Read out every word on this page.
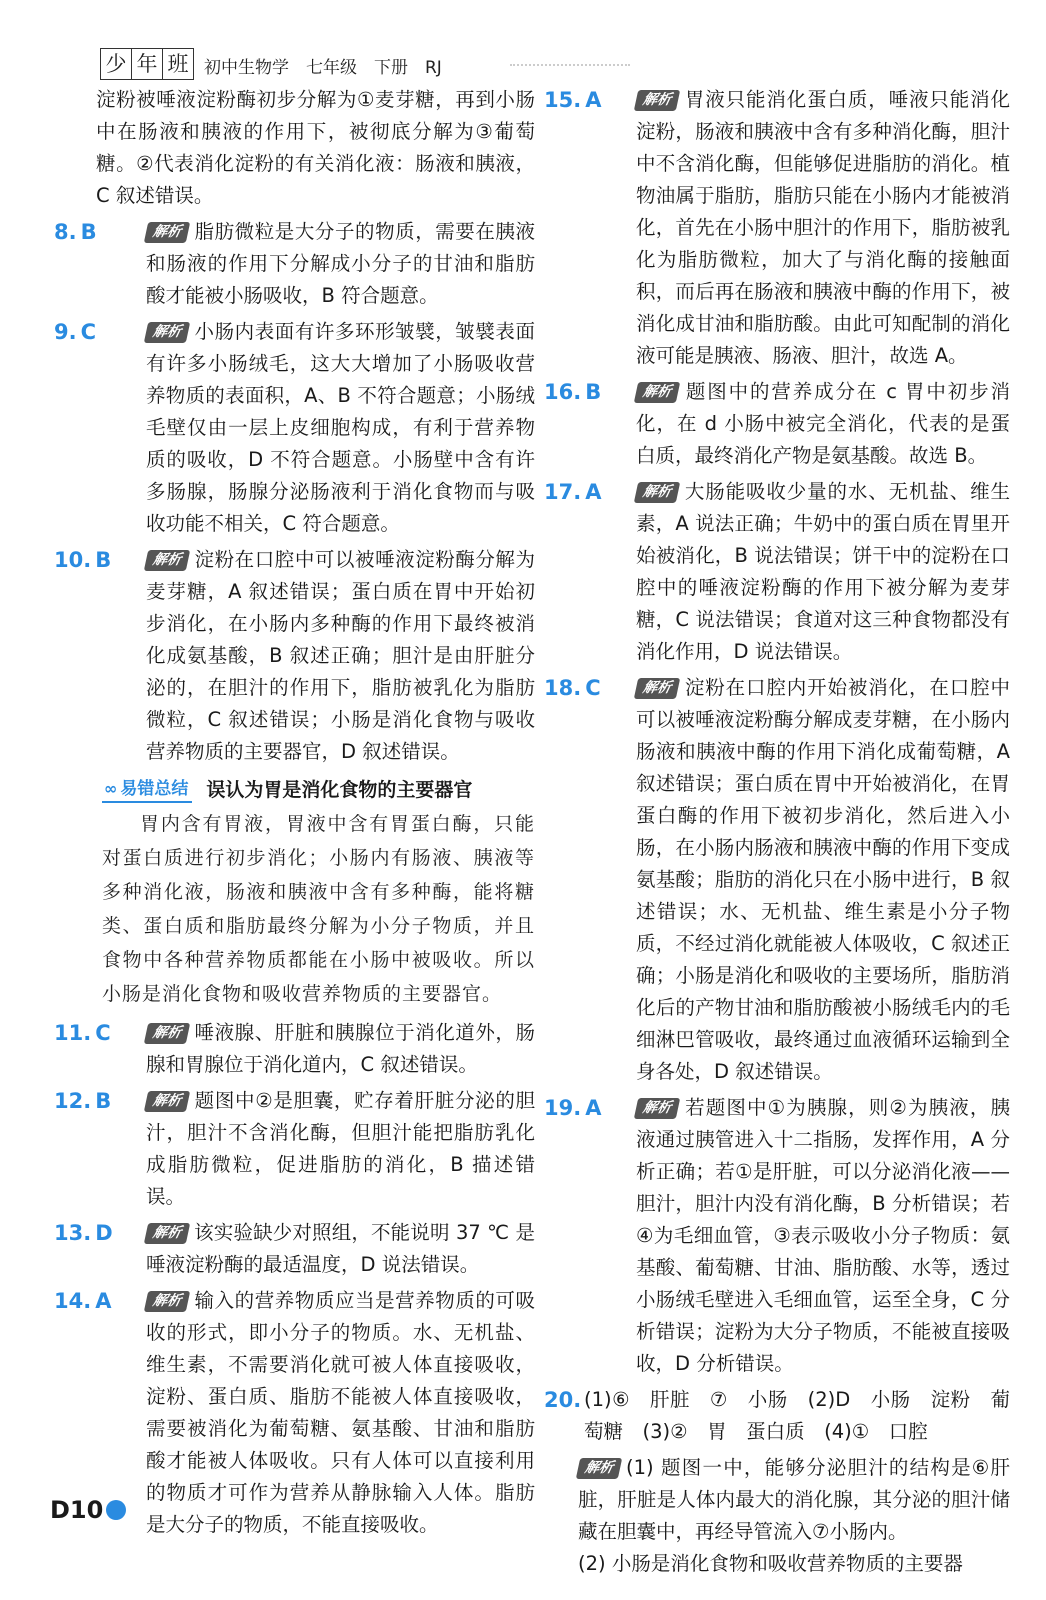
少 年 班 初中生物学　七年级　下册　RJ
淀粉被唾液淀粉酶初步分解为①麦芽糖，再到小肠中在肠液和胰液的作用下，被彻底分解为③葡萄糖。②代表消化淀粉的有关消化液：肠液和胰液，C 叙述错误。
8. B	解析 脂肪微粒是大分子的物质，需要在胰液和肠液的作用下分解成小分子的甘油和脂肪酸才能被小肠吸收，B 符合题意。
9. C	解析 小肠内表面有许多环形皱襞，皱襞表面有许多小肠绒毛，这大大增加了小肠吸收营养物质的表面积，A、B 不符合题意；小肠绒毛壁仅由一层上皮细胞构成，有利于营养物质的吸收，D 不符合题意。小肠壁中含有许多肠腺，肠腺分泌肠液利于消化食物而与吸收功能不相关，C 符合题意。
10. B	解析 淀粉在口腔中可以被唾液淀粉酶分解为麦芽糖，A 叙述错误；蛋白质在胃中开始初步消化，在小肠内多种酶的作用下最终被消化成氨基酸，B 叙述正确；胆汁是由肝脏分泌的，在胆汁的作用下，脂肪被乳化为脂肪微粒，C 叙述错误；小肠是消化食物与吸收营养物质的主要器官，D 叙述错误。
∞ 易错总结 误认为胃是消化食物的主要器官
胃内含有胃液，胃液中含有胃蛋白酶，只能对蛋白质进行初步消化；小肠内有肠液、胰液等多种消化液，肠液和胰液中含有多种酶，能将糖类、蛋白质和脂肪最终分解为小分子物质，并且食物中各种营养物质都能在小肠中被吸收。所以小肠是消化食物和吸收营养物质的主要器官。
11. C	解析 唾液腺、肝脏和胰腺位于消化道外，肠腺和胃腺位于消化道内，C 叙述错误。
12. B	解析 题图中②是胆囊，贮存着肝脏分泌的胆汁，胆汁不含消化酶，但胆汁能把脂肪乳化成脂肪微粒，促进脂肪的消化，B 描述错误。
13. D	解析 该实验缺少对照组，不能说明 37 ℃ 是唾液淀粉酶的最适温度，D 说法错误。
14. A	解析 输入的营养物质应当是营养物质的可吸收的形式，即小分子的物质。水、无机盐、维生素，不需要消化就可被人体直接吸收，淀粉、蛋白质、脂肪不能被人体直接吸收，需要被消化为葡萄糖、氨基酸、甘油和脂肪酸才能被人体吸收。只有人体可以直接利用的物质才可作为营养从静脉输入人体。脂肪是大分子的物质，不能直接吸收。
15. A	解析 胃液只能消化蛋白质，唾液只能消化淀粉，肠液和胰液中含有多种消化酶，胆汁中不含消化酶，但能够促进脂肪的消化。植物油属于脂肪，脂肪只能在小肠内才能被消化，首先在小肠中胆汁的作用下，脂肪被乳化为脂肪微粒，加大了与消化酶的接触面积，而后再在肠液和胰液中酶的作用下，被消化成甘油和脂肪酸。由此可知配制的消化液可能是胰液、肠液、胆汁，故选 A。
16. B	解析 题图中的营养成分在 c 胃中初步消化，在 d 小肠中被完全消化，代表的是蛋白质，最终消化产物是氨基酸。故选 B。
17. A	解析 大肠能吸收少量的水、无机盐、维生素，A 说法正确；牛奶中的蛋白质在胃里开始被消化，B 说法错误；饼干中的淀粉在口腔中的唾液淀粉酶的作用下被分解为麦芽糖，C 说法错误；食道对这三种食物都没有消化作用，D 说法错误。
18. C	解析 淀粉在口腔内开始被消化，在口腔中可以被唾液淀粉酶分解成麦芽糖，在小肠内肠液和胰液中酶的作用下消化成葡萄糖，A 叙述错误；蛋白质在胃中开始被消化，在胃蛋白酶的作用下被初步消化，然后进入小肠，在小肠内肠液和胰液中酶的作用下变成氨基酸；脂肪的消化只在小肠中进行，B 叙述错误；水、无机盐、维生素是小分子物质，不经过消化就能被人体吸收，C 叙述正确；小肠是消化和吸收的主要场所，脂肪消化后的产物甘油和脂肪酸被小肠绒毛内的毛细淋巴管吸收，最终通过血液循环运输到全身各处，D 叙述错误。
19. A	解析 若题图中①为胰腺，则②为胰液，胰液通过胰管进入十二指肠，发挥作用，A 分析正确；若①是肝脏，可以分泌消化液——胆汁，胆汁内没有消化酶，B 分析错误；若④为毛细血管，③表示吸收小分子物质：氨基酸、葡萄糖、甘油、脂肪酸、水等，透过小肠绒毛壁进入毛细血管，运至全身，C 分析错误；淀粉为大分子物质，不能被直接吸收，D 分析错误。
20. (1)⑥　肝脏　⑦　小肠　(2)D　小肠　淀粉　葡萄糖　(3)②　胃　蛋白质　(4)①　口腔
解析 (1) 题图一中，能够分泌胆汁的结构是⑥肝脏，肝脏是人体内最大的消化腺，其分泌的胆汁储藏在胆囊中，再经导管流入⑦小肠内。
(2) 小肠是消化食物和吸收营养物质的主要器
D10
